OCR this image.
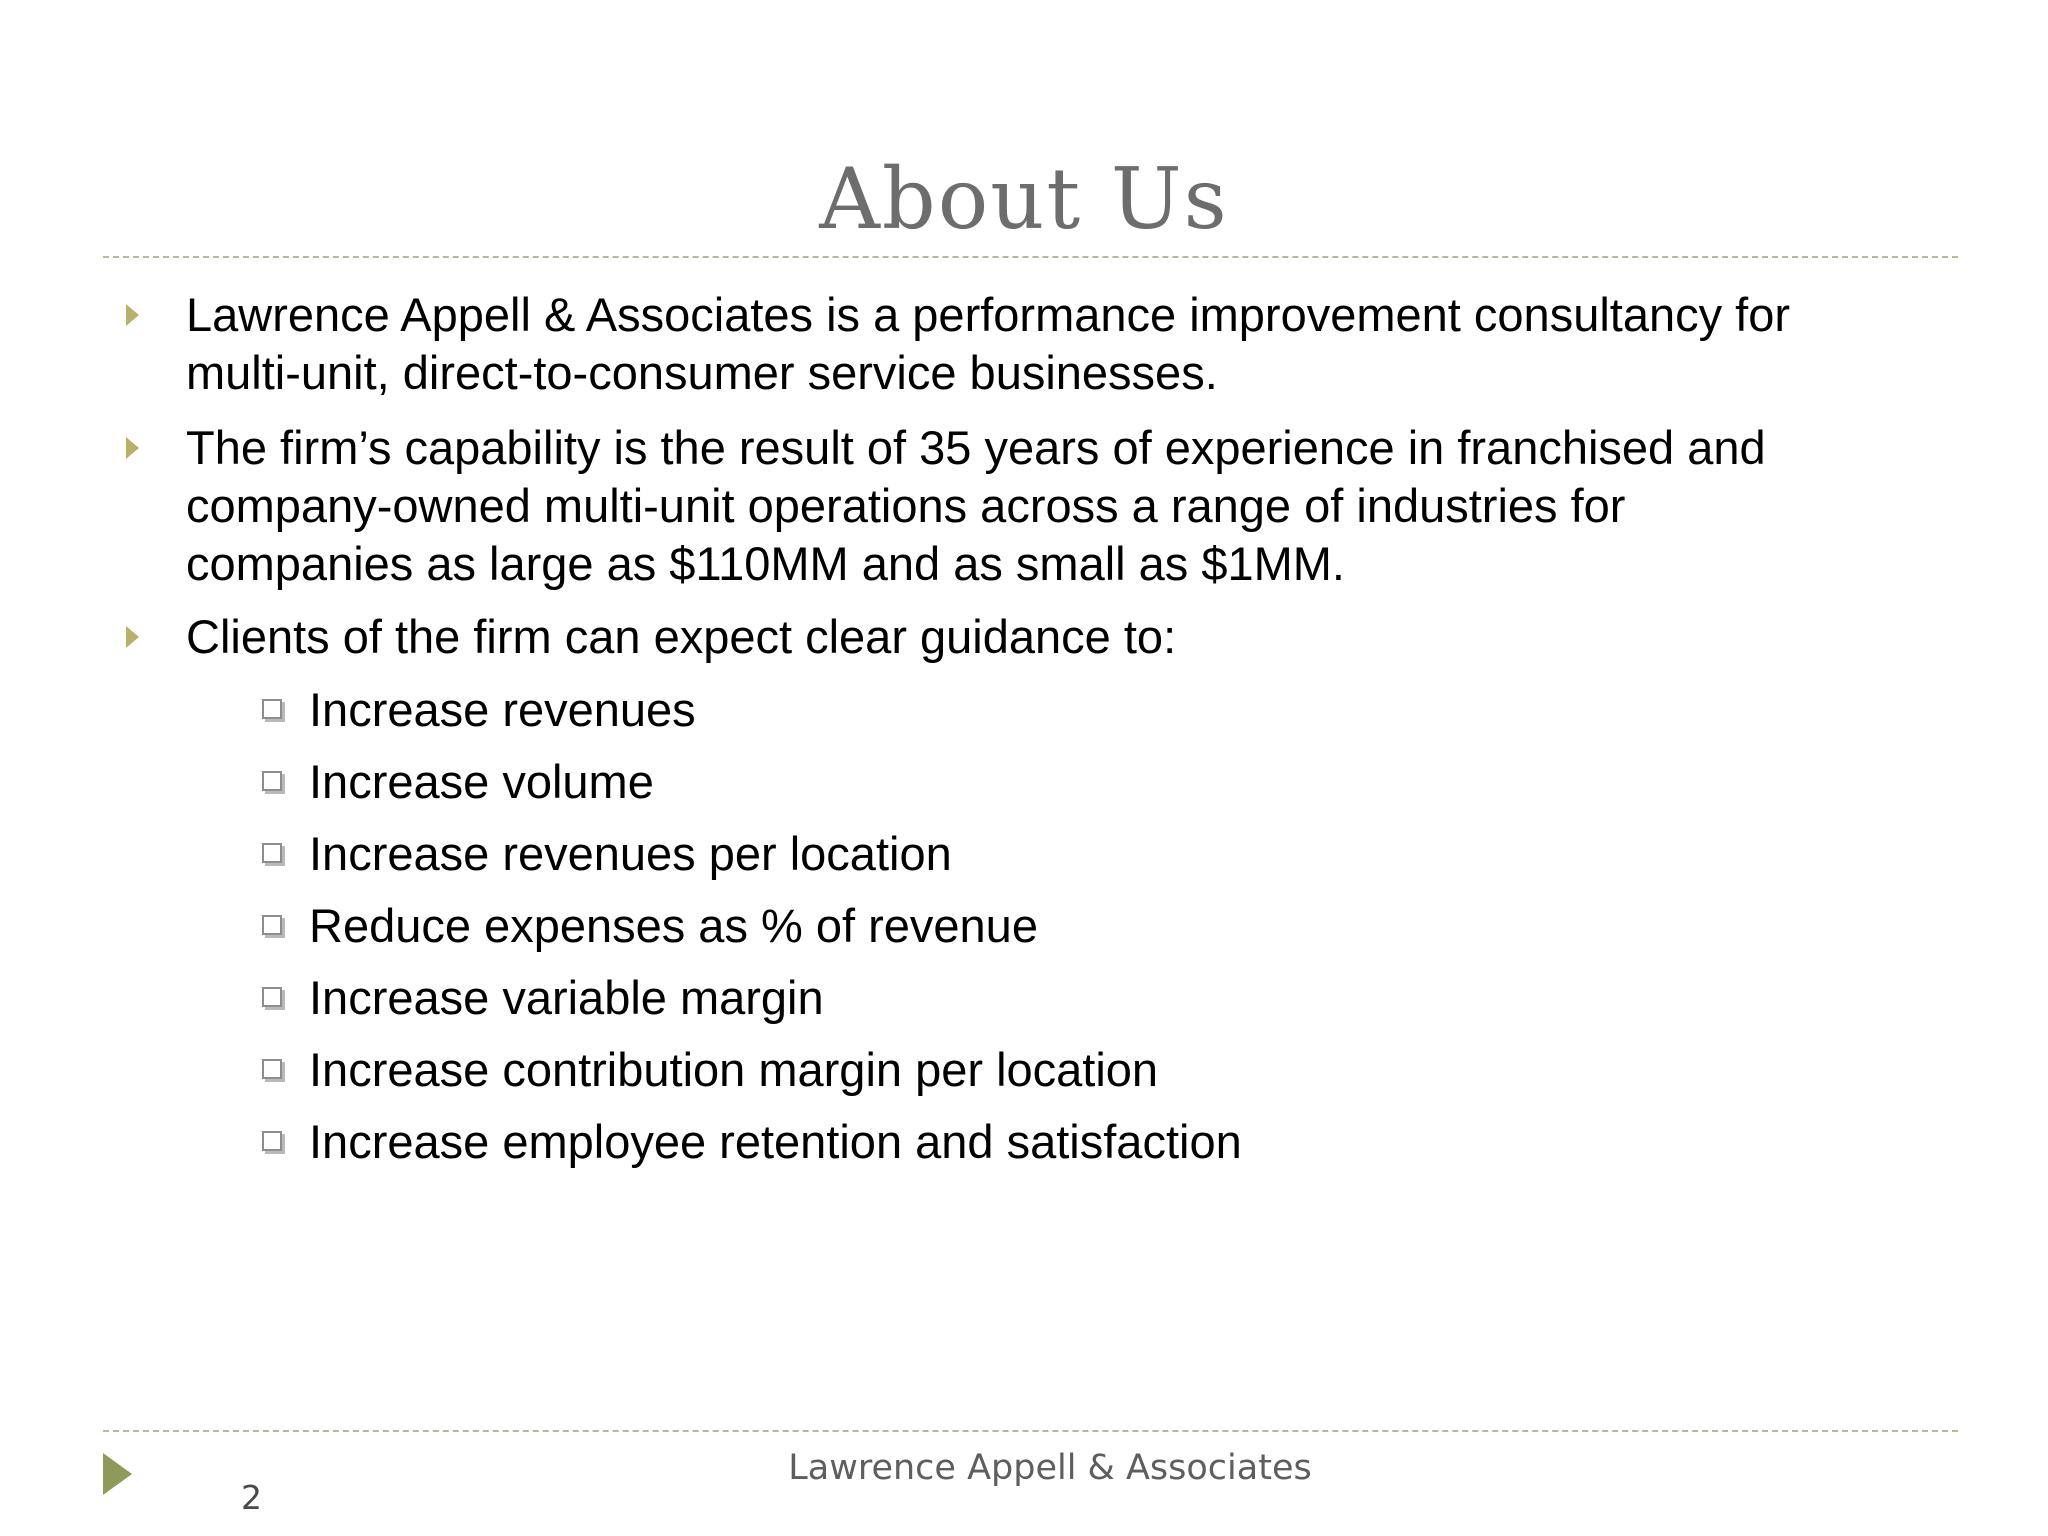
About Us
Lawrence Appell & Associates is a performance improvement consultancy for
multi-unit, direct-to-consumer service businesses.
The firm’s capability is the result of 35 years of experience in franchised and
company-owned multi-unit operations across a range of industries for
companies as large as $110MM and as small as $1MM.
Clients of the firm can expect clear guidance to:
Increase revenues
Increase volume
Increase revenues per location
Reduce expenses as % of revenue
Increase variable margin
Increase contribution margin per location
Increase employee retention and satisfaction
Lawrence Appell & Associates
2
